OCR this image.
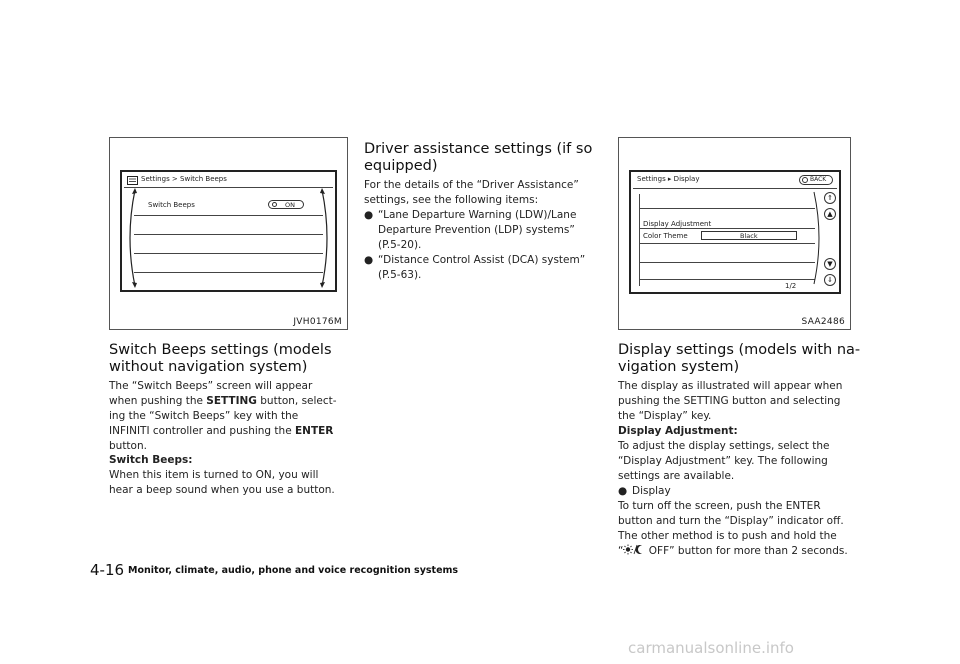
Settings > Switch Beeps
Switch Beeps	ON
JVH0176M
Switch Beeps settings (models
without navigation system)
The “Switch Beeps” screen will appear
when pushing the SETTING button, select-
ing the “Switch Beeps” key with the
INFINITI controller and pushing the ENTER
button.
Switch Beeps:
When this item is turned to ON, you will
hear a beep sound when you use a button.
Driver assistance settings (if so
equipped)
For the details of the “Driver Assistance”
settings, see the following items:
● “Lane Departure Warning (LDW)/Lane
Departure Prevention (LDP) systems”
(P.5-20).
● “Distance Control Assist (DCA) system”
(P.5-63).
Settings ▸ Display	BACK
Display Adjustment
Color Theme	Black
1/2
⇑
▲
▼
⇓
SAA2486
Display settings (models with na-
vigation system)
The display as illustrated will appear when
pushing the SETTING button and selecting
the “Display” key.
Display Adjustment:
To adjust the display settings, select the
“Display Adjustment” key. The following
settings are available.
● Display
To turn off the screen, push the ENTER
button and turn the “Display” indicator off.
The other method is to push and hold the
“ OFF” button for more than 2 seconds.
4-16 Monitor, climate, audio, phone and voice recognition systems
carmanualsonline.info
